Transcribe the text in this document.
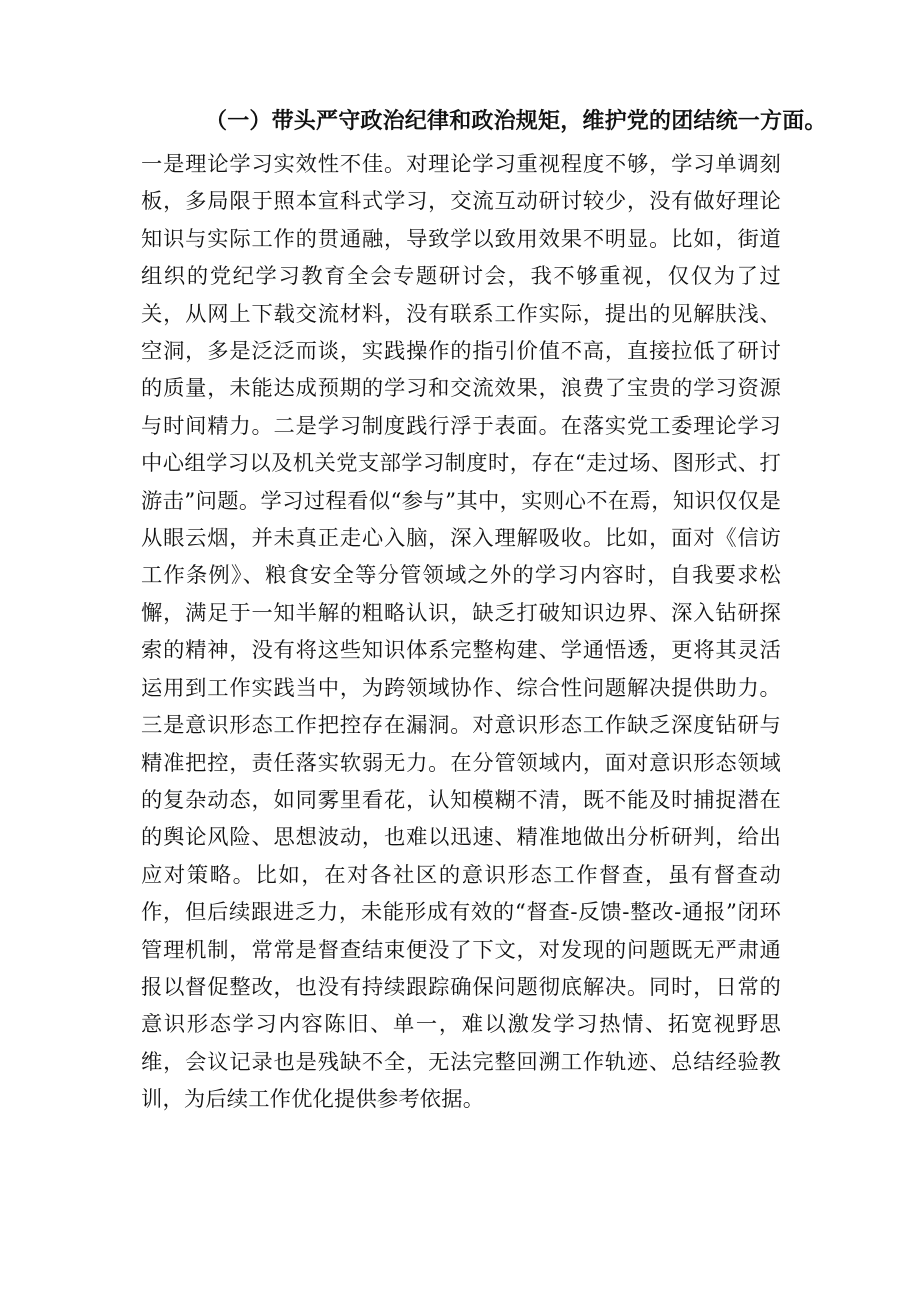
（一）带头严守政治纪律和政治规矩，维护党的团结统一方面。

一是理论学习实效性不佳。对理论学习重视程度不够，学习单调刻板，多局限于照本宣科式学习，交流互动研讨较少，没有做好理论知识与实际工作的贯通融，导致学以致用效果不明显。比如，街道组织的党纪学习教育全会专题研讨会，我不够重视，仅仅为了过关，从网上下载交流材料，没有联系工作实际，提出的见解肤浅、空洞，多是泛泛而谈，实践操作的指引价值不高，直接拉低了研讨的质量，未能达成预期的学习和交流效果，浪费了宝贵的学习资源与时间精力。二是学习制度践行浮于表面。在落实党工委理论学习中心组学习以及机关党支部学习制度时，存在“走过场、图形式、打游击”问题。学习过程看似“参与”其中，实则心不在焉，知识仅仅是从眼云烟，并未真正走心入脑，深入理解吸收。比如，面对《信访工作条例》、粮食安全等分管领域之外的学习内容时，自我要求松懈，满足于一知半解的粗略认识，缺乏打破知识边界、深入钻研探索的精神，没有将这些知识体系完整构建、学通悟透，更将其灵活运用到工作实践当中，为跨领域协作、综合性问题解决提供助力。三是意识形态工作把控存在漏洞。对意识形态工作缺乏深度钻研与精准把控，责任落实软弱无力。在分管领域内，面对意识形态领域的复杂动态，如同雾里看花，认知模糊不清，既不能及时捕捉潜在的舆论风险、思想波动，也难以迅速、精准地做出分析研判，给出应对策略。比如，在对各社区的意识形态工作督查，虽有督查动作，但后续跟进乏力，未能形成有效的“督查-反馈-整改-通报”闭环管理机制，常常是督查结束便没了下文，对发现的问题既无严肃通报以督促整改，也没有持续跟踪确保问题彻底解决。同时，日常的意识形态学习内容陈旧、单一，难以激发学习热情、拓宽视野思维，会议记录也是残缺不全，无法完整回溯工作轨迹、总结经验教训，为后续工作优化提供参考依据。
